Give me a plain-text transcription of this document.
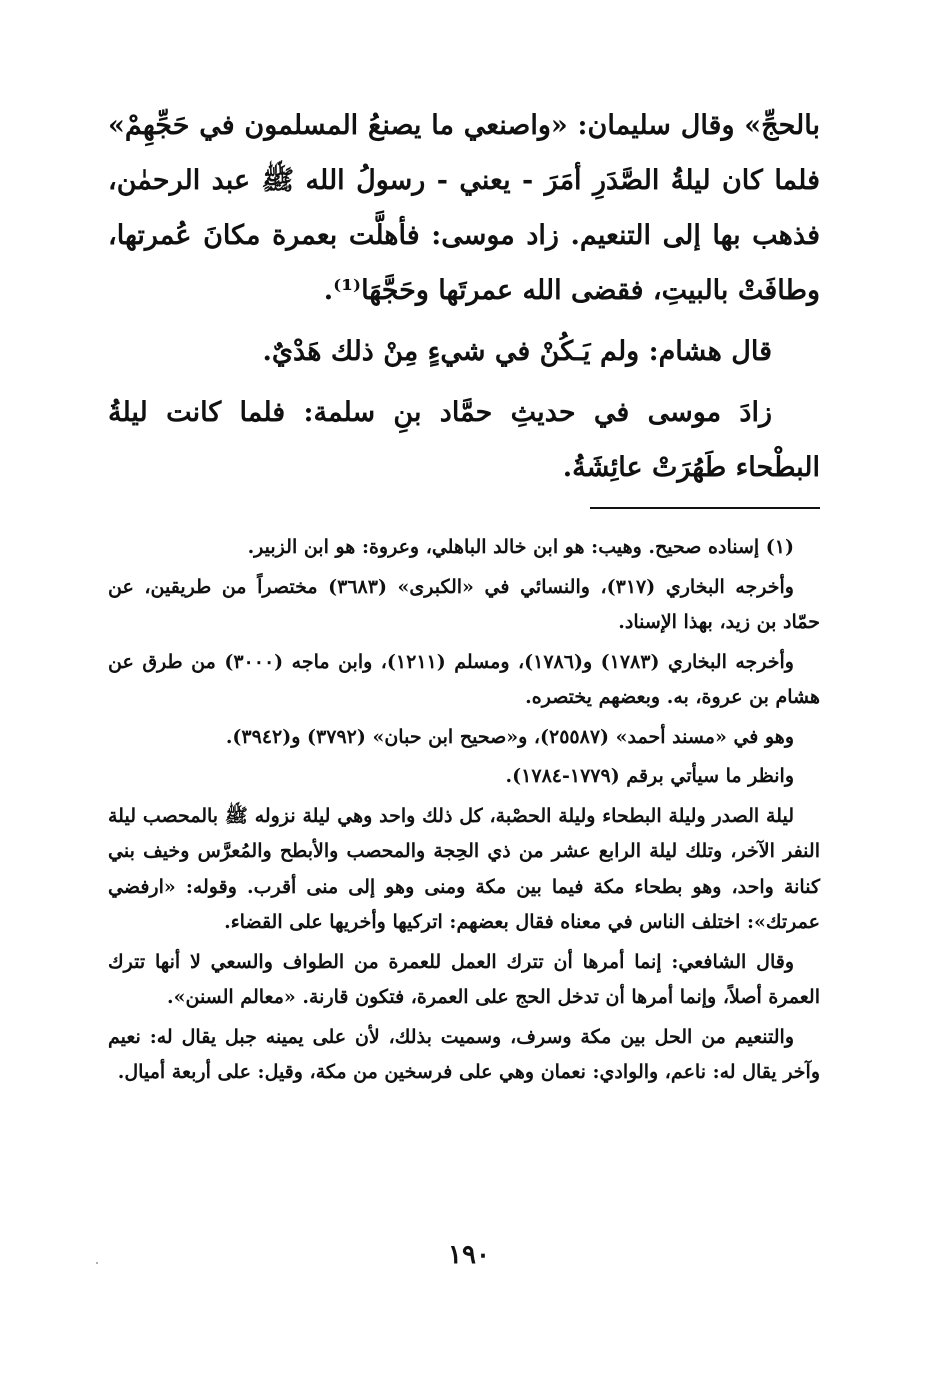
بالحجِّ» وقال سليمان: «واصنعي ما يصنعُ المسلمون في حَجِّهِمْ» فلما كان ليلةُ الصَّدَرِ أمَرَ - يعني - رسولُ الله ﷺ عبد الرحمٰن، فذهب بها إلى التنعيم. زاد موسى: فأهلَّت بعمرة مكانَ عُمرتها، وطافَتْ بالبيتِ، فقضى الله عمرتَها وحَجَّهَا⁽¹⁾.

قال هشام: ولم يَـكُنْ في شيءٍ مِنْ ذلك هَدْيٌ.

زادَ موسى في حديثِ حمَّاد بنِ سلمة: فلما كانت ليلةُ البطْحاء طَهُرَتْ عائِشَةُ.

(١) إسناده صحيح. وهيب: هو ابن خالد الباهلي، وعروة: هو ابن الزبير.

وأخرجه البخاري (٣١٧)، والنسائي في «الكبرى» (٣٦٨٣) مختصراً من طريقين، عن حمّاد بن زيد، بهذا الإسناد.

وأخرجه البخاري (١٧٨٣) و(١٧٨٦)، ومسلم (١٢١١)، وابن ماجه (٣٠٠٠) من طرق عن هشام بن عروة، به. وبعضهم يختصره.

وهو في «مسند أحمد» (٢٥٥٨٧)، و«صحيح ابن حبان» (٣٧٩٢) و(٣٩٤٢).

وانظر ما سيأتي برقم (١٧٧٩-١٧٨٤).

ليلة الصدر وليلة البطحاء وليلة الحصْبة، كل ذلك واحد وهي ليلة نزوله ﷺ بالمحصب ليلة النفر الآخر، وتلك ليلة الرابع عشر من ذي الحِجة والمحصب والأبطح والمُعرَّس وخيف بني كنانة واحد، وهو بطحاء مكة فيما بين مكة ومنى وهو إلى منى أقرب. وقوله: «ارفضي عمرتك»: اختلف الناس في معناه فقال بعضهم: اتركيها وأخريها على القضاء.

وقال الشافعي: إنما أمرها أن تترك العمل للعمرة من الطواف والسعي لا أنها تترك العمرة أصلاً، وإنما أمرها أن تدخل الحج على العمرة، فتكون قارنة. «معالم السنن».

والتنعيم من الحل بين مكة وسرف، وسميت بذلك، لأن على يمينه جبل يقال له: نعيم وآخر يقال له: ناعم، والوادي: نعمان وهي على فرسخين من مكة، وقيل: على أربعة أميال.

١٩٠
